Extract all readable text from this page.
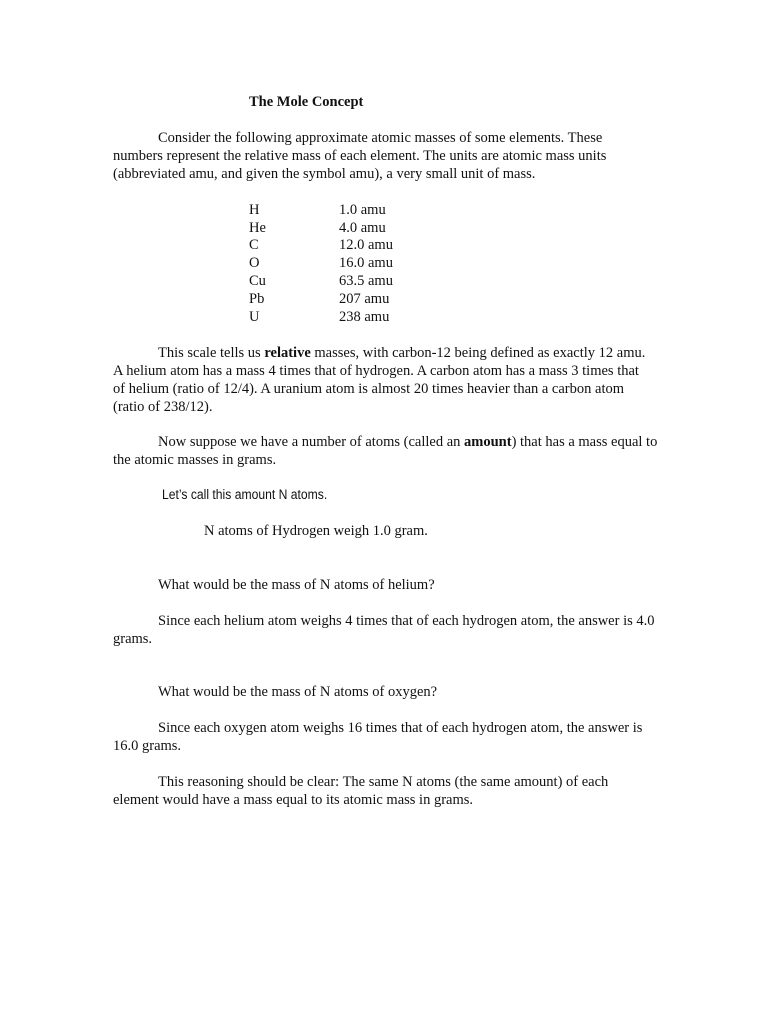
The Mole Concept
Consider the following approximate atomic masses of some elements. These
numbers represent the relative mass of each element. The units are atomic mass units
(abbreviated amu, and given the symbol amu), a very small unit of mass.
H	1.0 amu
He	4.0 amu
C	12.0 amu
O	16.0 amu
Cu	63.5 amu
Pb	207 amu
U	238 amu
This scale tells us relative masses, with carbon-12 being defined as exactly 12 amu.
A helium atom has a mass 4 times that of hydrogen. A carbon atom has a mass 3 times that
of helium (ratio of 12/4). A uranium atom is almost 20 times heavier than a carbon atom
(ratio of 238/12).
Now suppose we have a number of atoms (called an amount) that has a mass equal to
the atomic masses in grams.
Let’s call this amount N atoms.
N atoms of Hydrogen weigh 1.0 gram.
What would be the mass of N atoms of helium?
Since each helium atom weighs 4 times that of each hydrogen atom, the answer is 4.0
grams.
What would be the mass of N atoms of oxygen?
Since each oxygen atom weighs 16 times that of each hydrogen atom, the answer is
16.0 grams.
This reasoning should be clear: The same N atoms (the same amount) of each
element would have a mass equal to its atomic mass in grams.
